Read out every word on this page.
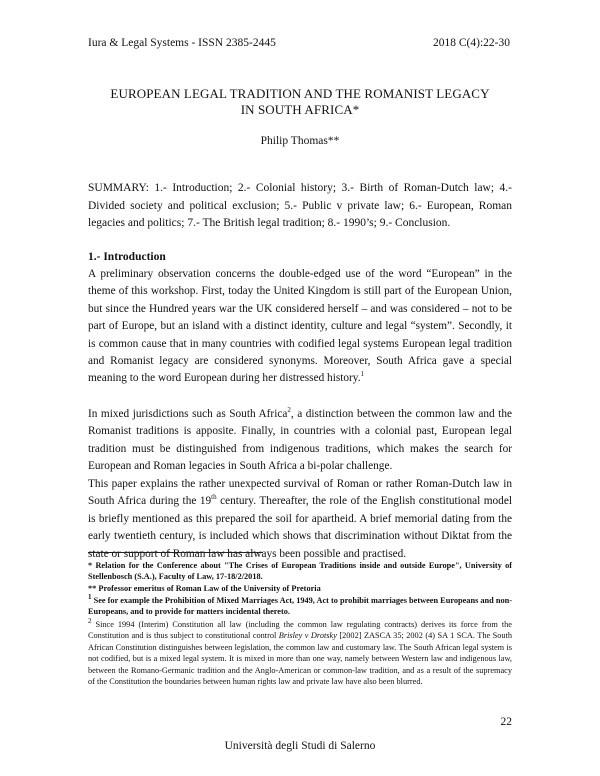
Iura & Legal Systems - ISSN 2385-2445	2018 C(4):22-30
EUROPEAN LEGAL TRADITION AND THE ROMANIST LEGACY
IN SOUTH AFRICA*
Philip Thomas**
SUMMARY: 1.- Introduction; 2.- Colonial history; 3.- Birth of Roman-Dutch law; 4.- Divided society and political exclusion; 5.- Public v private law; 6.- European, Roman legacies and politics; 7.- The British legal tradition; 8.- 1990’s; 9.- Conclusion.
1.- Introduction
A preliminary observation concerns the double-edged use of the word “European” in the theme of this workshop. First, today the United Kingdom is still part of the European Union, but since the Hundred years war the UK considered herself – and was considered – not to be part of Europe, but an island with a distinct identity, culture and legal “system”. Secondly, it is common cause that in many countries with codified legal systems European legal tradition and Romanist legacy are considered synonyms. Moreover, South Africa gave a special meaning to the word European during her distressed history.$^1$
In mixed jurisdictions such as South Africa$^2$, a distinction between the common law and the Romanist traditions is apposite. Finally, in countries with a colonial past, European legal tradition must be distinguished from indigenous traditions, which makes the search for European and Roman legacies in South Africa a bi-polar challenge.
This paper explains the rather unexpected survival of Roman or rather Roman-Dutch law in South Africa during the 19th century. Thereafter, the role of the English constitutional model is briefly mentioned as this prepared the soil for apartheid. A brief memorial dating from the early twentieth century, is included which shows that discrimination without Diktat from the state or support of Roman law has always been possible and practised.
* Relation for the Conference about "The Crises of European Traditions inside and outside Europe", University of Stellenbosch (S.A.), Faculty of Law, 17-18/2/2018.
** Professor emeritus of Roman Law of the University of Pretoria
$^1$ See for example the Prohibition of Mixed Marriages Act, 1949, Act to prohibit marriages between Europeans and non-Europeans, and to provide for matters incidental thereto.
$^2$ Since 1994 (Interim) Constitution all law (including the common law regulating contracts) derives its force from the Constitution and is thus subject to constitutional control Brisley v Drotsky [2002] ZASCA 35; 2002 (4) SA 1 SCA. The South African Constitution distinguishes between legislation, the common law and customary law. The South African legal system is not codified, but is a mixed legal system. It is mixed in more than one way, namely between Western law and indigenous law, between the Romano-Germanic tradition and the Anglo-American or common-law tradition, and as a result of the supremacy of the Constitution the boundaries between human rights law and private law have also been blurred.
22
Università degli Studi di Salerno
